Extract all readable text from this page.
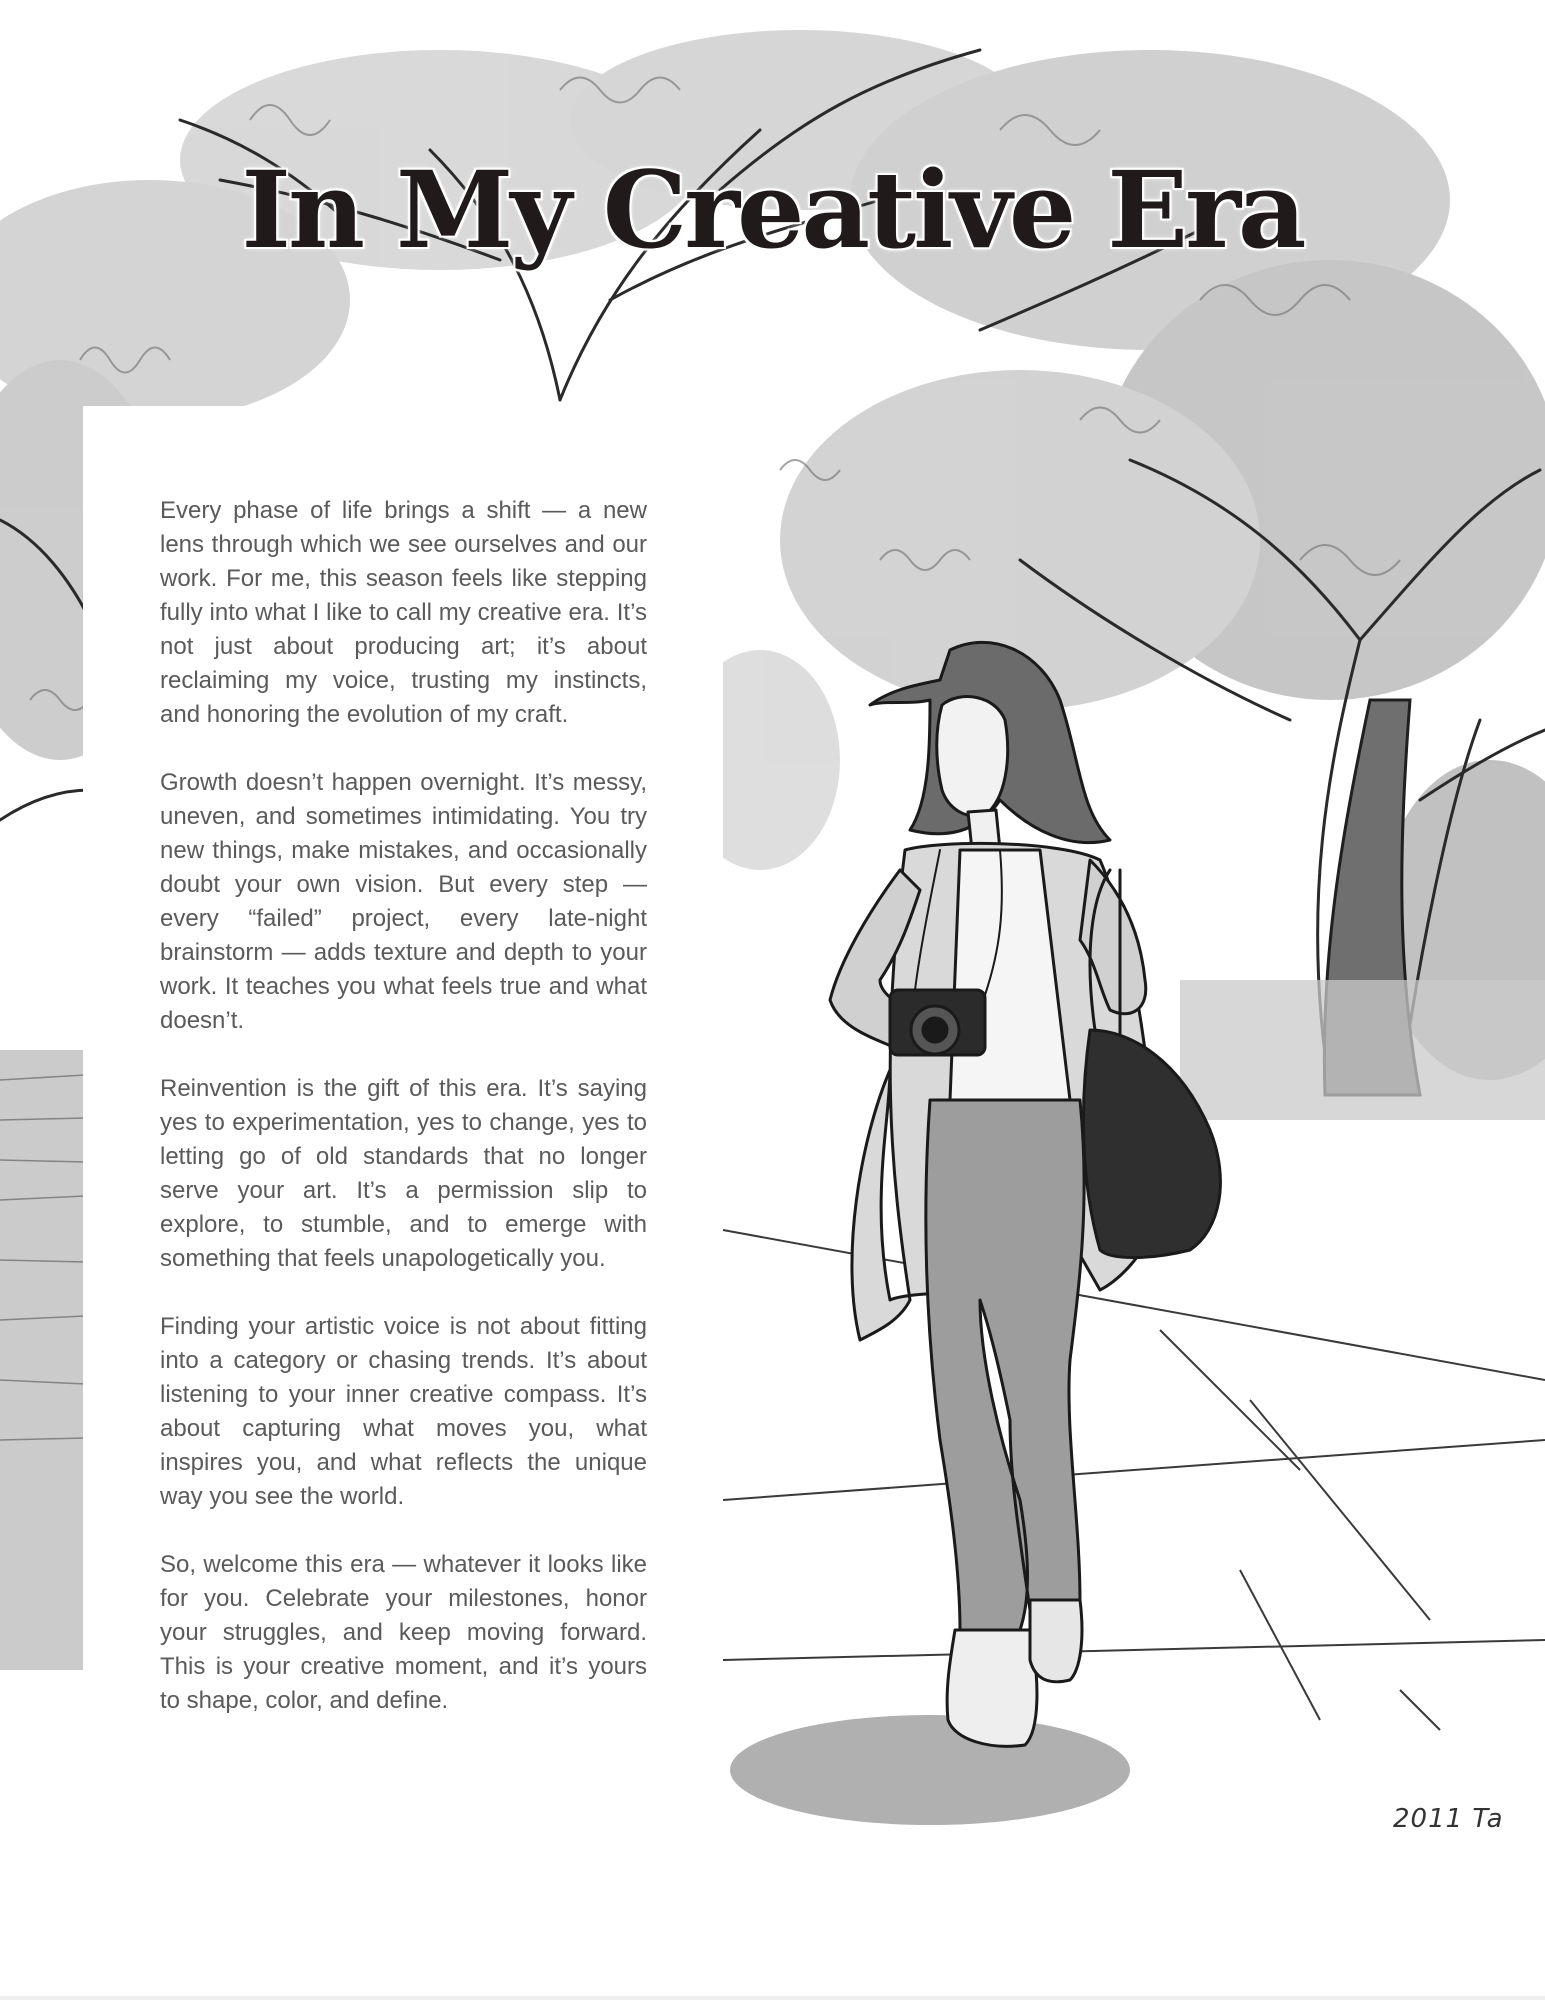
In My Creative Era

Every phase of life brings a shift — a new lens through which we see ourselves and our work. For me, this season feels like stepping fully into what I like to call my creative era. It’s not just about producing art; it’s about reclaiming my voice, trusting my instincts, and honoring the evolution of my craft.

Growth doesn’t happen overnight. It’s messy, uneven, and sometimes intimidating. You try new things, make mistakes, and occasionally doubt your own vision. But every step — every “failed” project, every late-night brainstorm — adds texture and depth to your work. It teaches you what feels true and what doesn’t.

Reinvention is the gift of this era. It’s saying yes to experimentation, yes to change, yes to letting go of old standards that no longer serve your art. It’s a permission slip to explore, to stumble, and to emerge with something that feels unapologetically you.

Finding your artistic voice is not about fitting into a category or chasing trends. It’s about listening to your inner creative compass. It’s about capturing what moves you, what inspires you, and what reflects the unique way you see the world.

So, welcome this era — whatever it looks like for you. Celebrate your milestones, honor your struggles, and keep moving forward. This is your creative moment, and it’s yours to shape, color, and define.

2011 Ta
